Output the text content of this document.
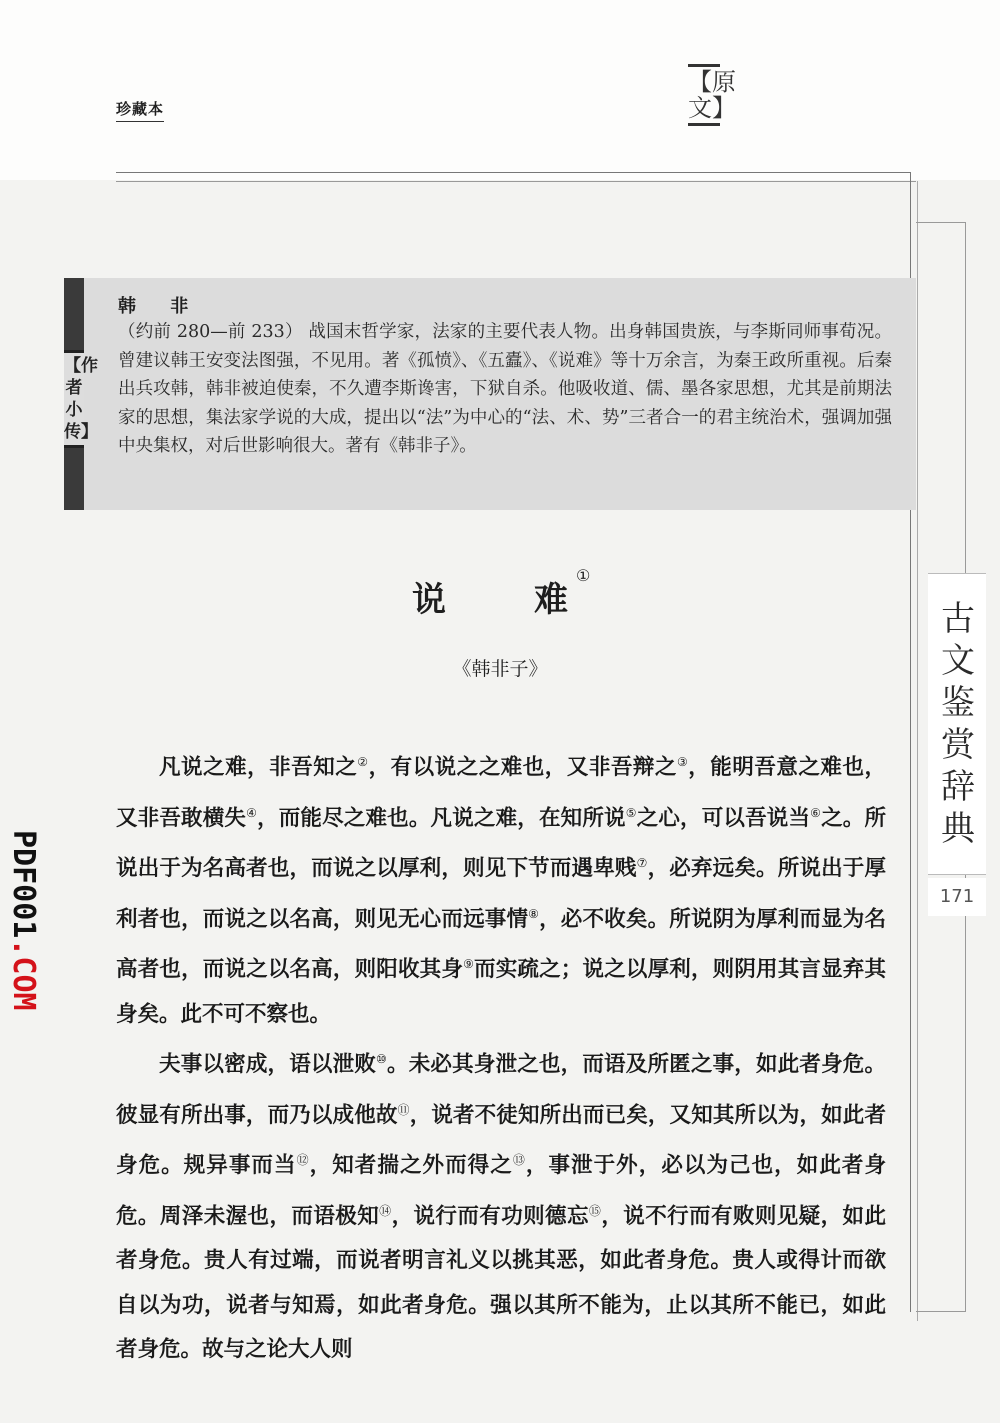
珍藏本
【原文】
【作者小传】
韩 非
（约前 280—前 233） 战国末哲学家，法家的主要代表人物。出身韩国贵族，与李斯同师事荀况。曾建议韩王安变法图强，不见用。著《孤愤》、《五蠹》、《说难》等十万余言，为秦王政所重视。后秦出兵攻韩，韩非被迫使秦，不久遭李斯谗害，下狱自杀。他吸收道、儒、墨各家思想，尤其是前期法家的思想，集法家学说的大成，提出以“法”为中心的“法、术、势”三者合一的君主统治术，强调加强中央集权，对后世影响很大。著有《韩非子》。
说	难
①
《韩非子》

凡说之难，非吾知之②，有以说之之难也，又非吾辩之③，能明吾意之难也，又非吾敢横失④，而能尽之难也。凡说之难，在知所说⑤之心，可以吾说当⑥之。所说出于为名高者也，而说之以厚利，则见下节而遇卑贱⑦，必弃远矣。所说出于厚利者也，而说之以名高，则见无心而远事情⑧，必不收矣。所说阴为厚利而显为名高者也，而说之以名高，则阳收其身⑨而实疏之；说之以厚利，则阴用其言显弃其身矣。此不可不察也。

夫事以密成，语以泄败⑩。未必其身泄之也，而语及所匿之事，如此者身危。彼显有所出事，而乃以成他故⑪，说者不徒知所出而已矣，又知其所以为，如此者身危。规异事而当⑫，知者揣之外而得之⑬，事泄于外，必以为己也，如此者身危。周泽未渥也，而语极知⑭，说行而有功则德忘⑮，说不行而有败则见疑，如此者身危。贵人有过端，而说者明言礼义以挑其恶，如此者身危。贵人或得计而欲自以为功，说者与知焉，如此者身危。强以其所不能为，止以其所不能已，如此者身危。故与之论大人则

古文鉴赏辞典
171
PDF001.COM
